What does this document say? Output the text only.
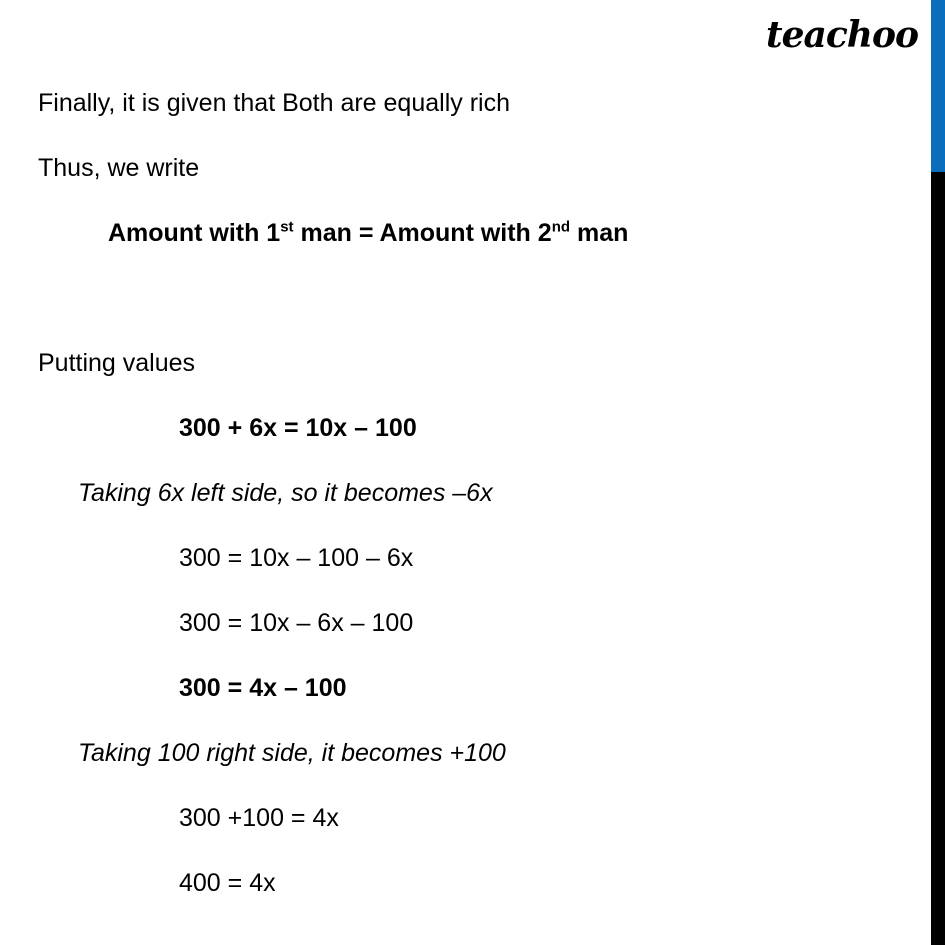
teachoo
Finally, it is given that Both are equally rich
Thus, we write
Amount with 1st man = Amount with 2nd man
Putting values
300 + 6x = 10x – 100
Taking 6x left side, so it becomes –6x
300 = 10x – 100 – 6x
300 = 10x – 6x – 100
300 = 4x – 100
Taking 100 right side, it becomes +100
300 +100 = 4x
400 = 4x
